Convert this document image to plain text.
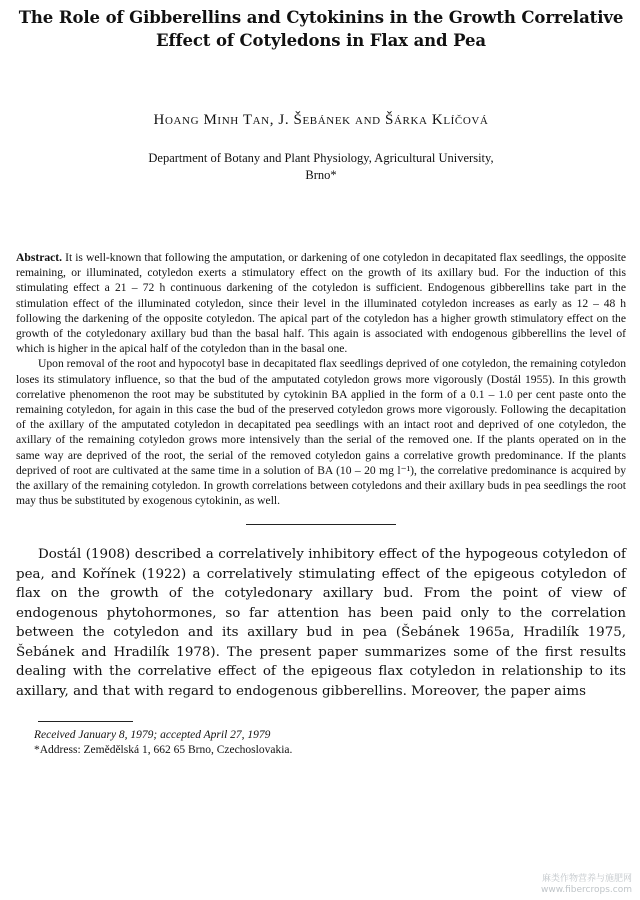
The Role of Gibberellins and Cytokinins in the Growth Correlative
Effect of Cotyledons in Flax and Pea
Hoang Minh Tan, J. Šebánek and Šárka Klíčová
Department of Botany and Plant Physiology, Agricultural University,
Brno*

Abstract. It is well-known that following the amputation, or darkening of one cotyledon in decapitated flax seedlings, the opposite remaining, or illuminated, cotyledon exerts a stimulatory effect on the growth of its axillary bud. For the induction of this stimulating effect a 21 – 72 h continuous darkening of the cotyledon is sufficient. Endogenous gibberellins take part in the stimulation effect of the illuminated cotyledon, since their level in the illuminated cotyledon increases as early as 12 – 48 h following the darkening of the opposite cotyledon. The apical part of the cotyledon has a higher growth stimulatory effect on the growth of the cotyledonary axillary bud than the basal half. This again is associated with endogenous gibberellins the level of which is higher in the apical half of the cotyledon than in the basal one.

Upon removal of the root and hypocotyl base in decapitated flax seedlings deprived of one cotyledon, the remaining cotyledon loses its stimulatory influence, so that the bud of the amputated cotyledon grows more vigorously (Dostál 1955). In this growth correlative phenomenon the root may be substituted by cytokinin BA applied in the form of a 0.1 – 1.0 per cent paste onto the remaining cotyledon, for again in this case the bud of the preserved cotyledon grows more vigorously. Following the decapitation of the axillary of the amputated cotyledon in decapitated pea seedlings with an intact root and deprived of one cotyledon, the axillary of the remaining cotyledon grows more intensively than the serial of the removed one. If the plants operated on in the same way are deprived of the root, the serial of the removed cotyledon gains a correlative growth predominance. If the plants deprived of root are cultivated at the same time in a solution of BA (10 – 20 mg l⁻¹), the correlative predominance is acquired by the axillary of the remaining cotyledon. In growth correlations between cotyledons and their axillary buds in pea seedlings the root may thus be substituted by exogenous cytokinin, as well.

Dostál (1908) described a correlatively inhibitory effect of the hypogeous cotyledon of pea, and Kořínek (1922) a correlatively stimulating effect of the epigeous cotyledon of flax on the growth of the cotyledonary axillary bud. From the point of view of endogenous phytohormones, so far attention has been paid only to the correlation between the cotyledon and its axillary bud in pea (Šebánek 1965a, Hradilík 1975, Šebánek and Hradilík 1978). The present paper summarizes some of the first results dealing with the correlative effect of the epigeous flax cotyledon in relationship to its axillary, and that with regard to endogenous gibberellins. Moreover, the paper aims

Received January 8, 1979; accepted April 27, 1979
*Address: Zemědělská 1, 662 65 Brno, Czechoslovakia.
麻类作物营养与施肥网
www.fibercrops.com
